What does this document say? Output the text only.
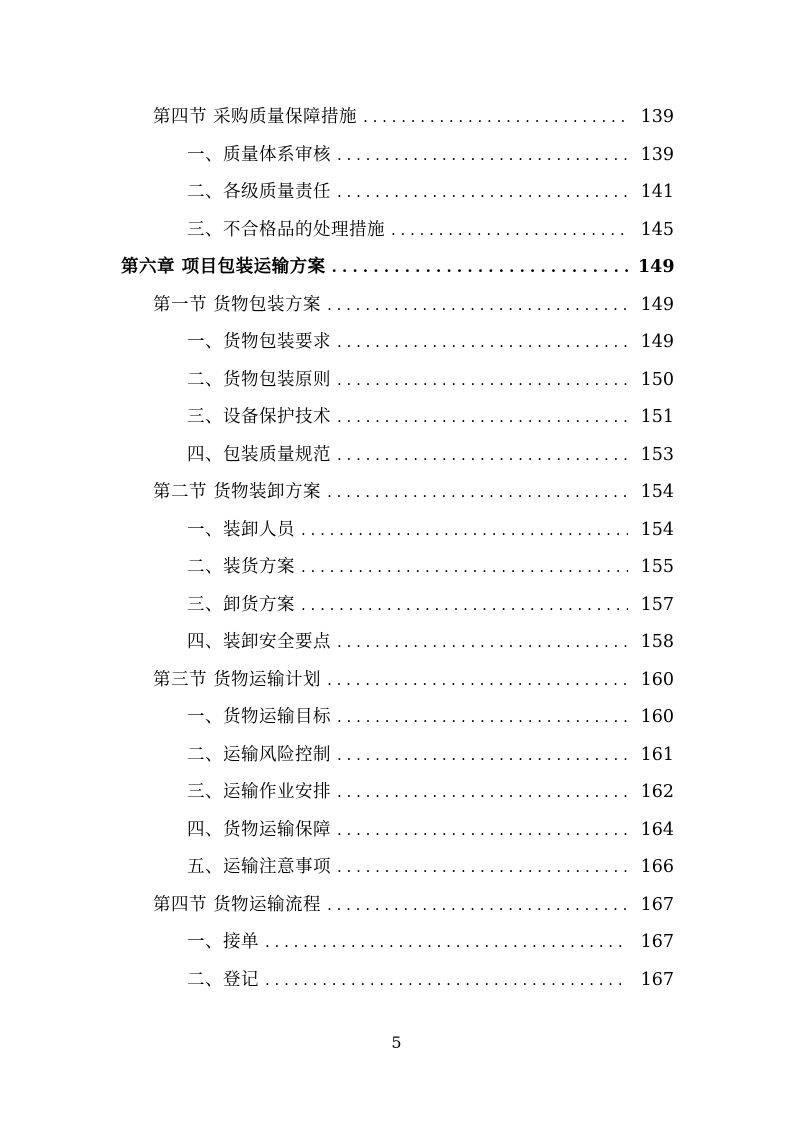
第四节 采购质量保障措施 . . .	139
一、质量体系审核 . . .	139
二、各级质量责任 . . .	141
三、不合格品的处理措施 . . .	145
第六章 项目包装运输方案 . . .	149
第一节 货物包装方案 . . .	149
一、货物包装要求 . . .	149
二、货物包装原则 . . .	150
三、设备保护技术 . . .	151
四、包装质量规范 . . .	153
第二节 货物装卸方案 . . .	154
一、装卸人员 . . .	154
二、装货方案 . . .	155
三、卸货方案 . . .	157
四、装卸安全要点 . . .	158
第三节 货物运输计划 . . .	160
一、货物运输目标 . . .	160
二、运输风险控制 . . .	161
三、运输作业安排 . . .	162
四、货物运输保障 . . .	164
五、运输注意事项 . . .	166
第四节 货物运输流程 . . .	167
一、接单 . . .	167
二、登记 . . .	167
5
